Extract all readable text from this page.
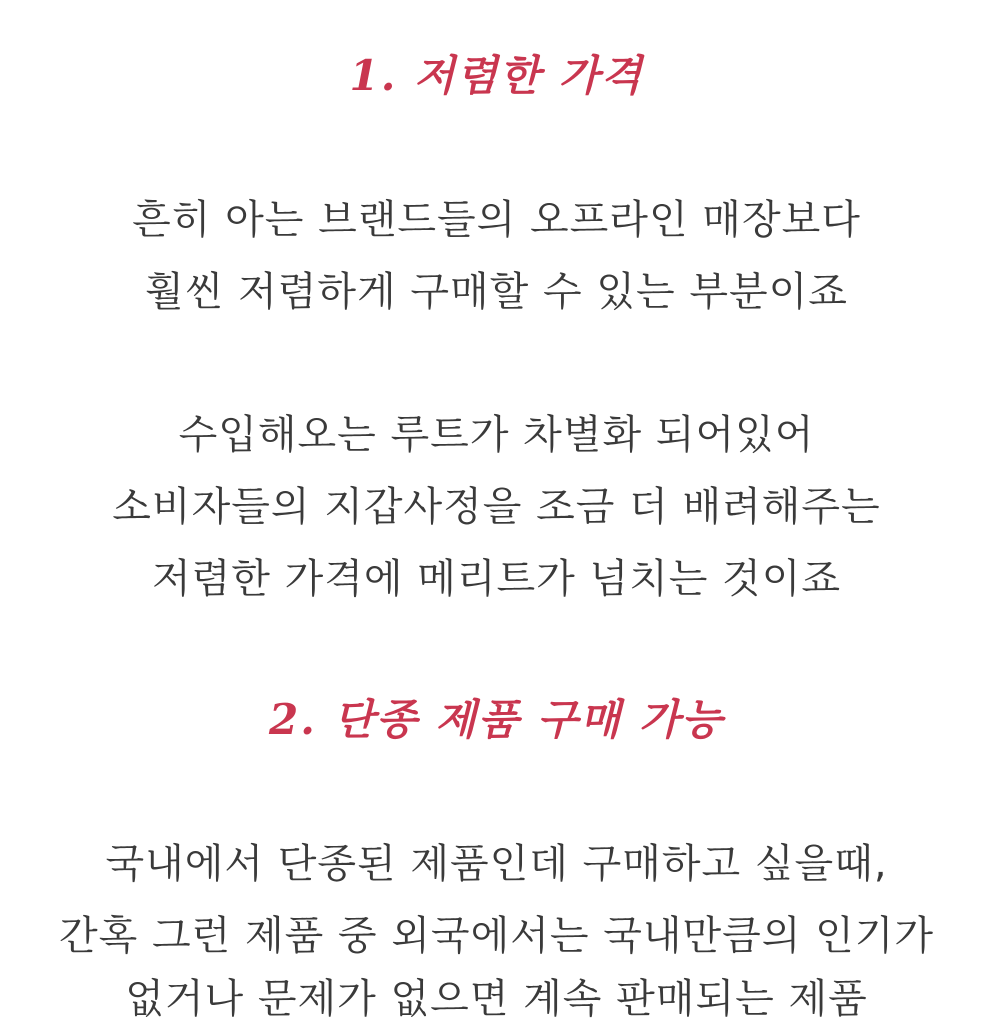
1. 저렴한 가격
흔히 아는 브랜드들의 오프라인 매장보다
훨씬 저렴하게 구매할 수 있는 부분이죠
수입해오는 루트가 차별화 되어있어
소비자들의 지갑사정을 조금 더 배려해주는
저렴한 가격에 메리트가 넘치는 것이죠
2. 단종 제품 구매 가능
국내에서 단종된 제품인데 구매하고 싶을때,
간혹 그런 제품 중 외국에서는 국내만큼의 인기가
없거나 문제가 없으면 계속 판매되는 제품
